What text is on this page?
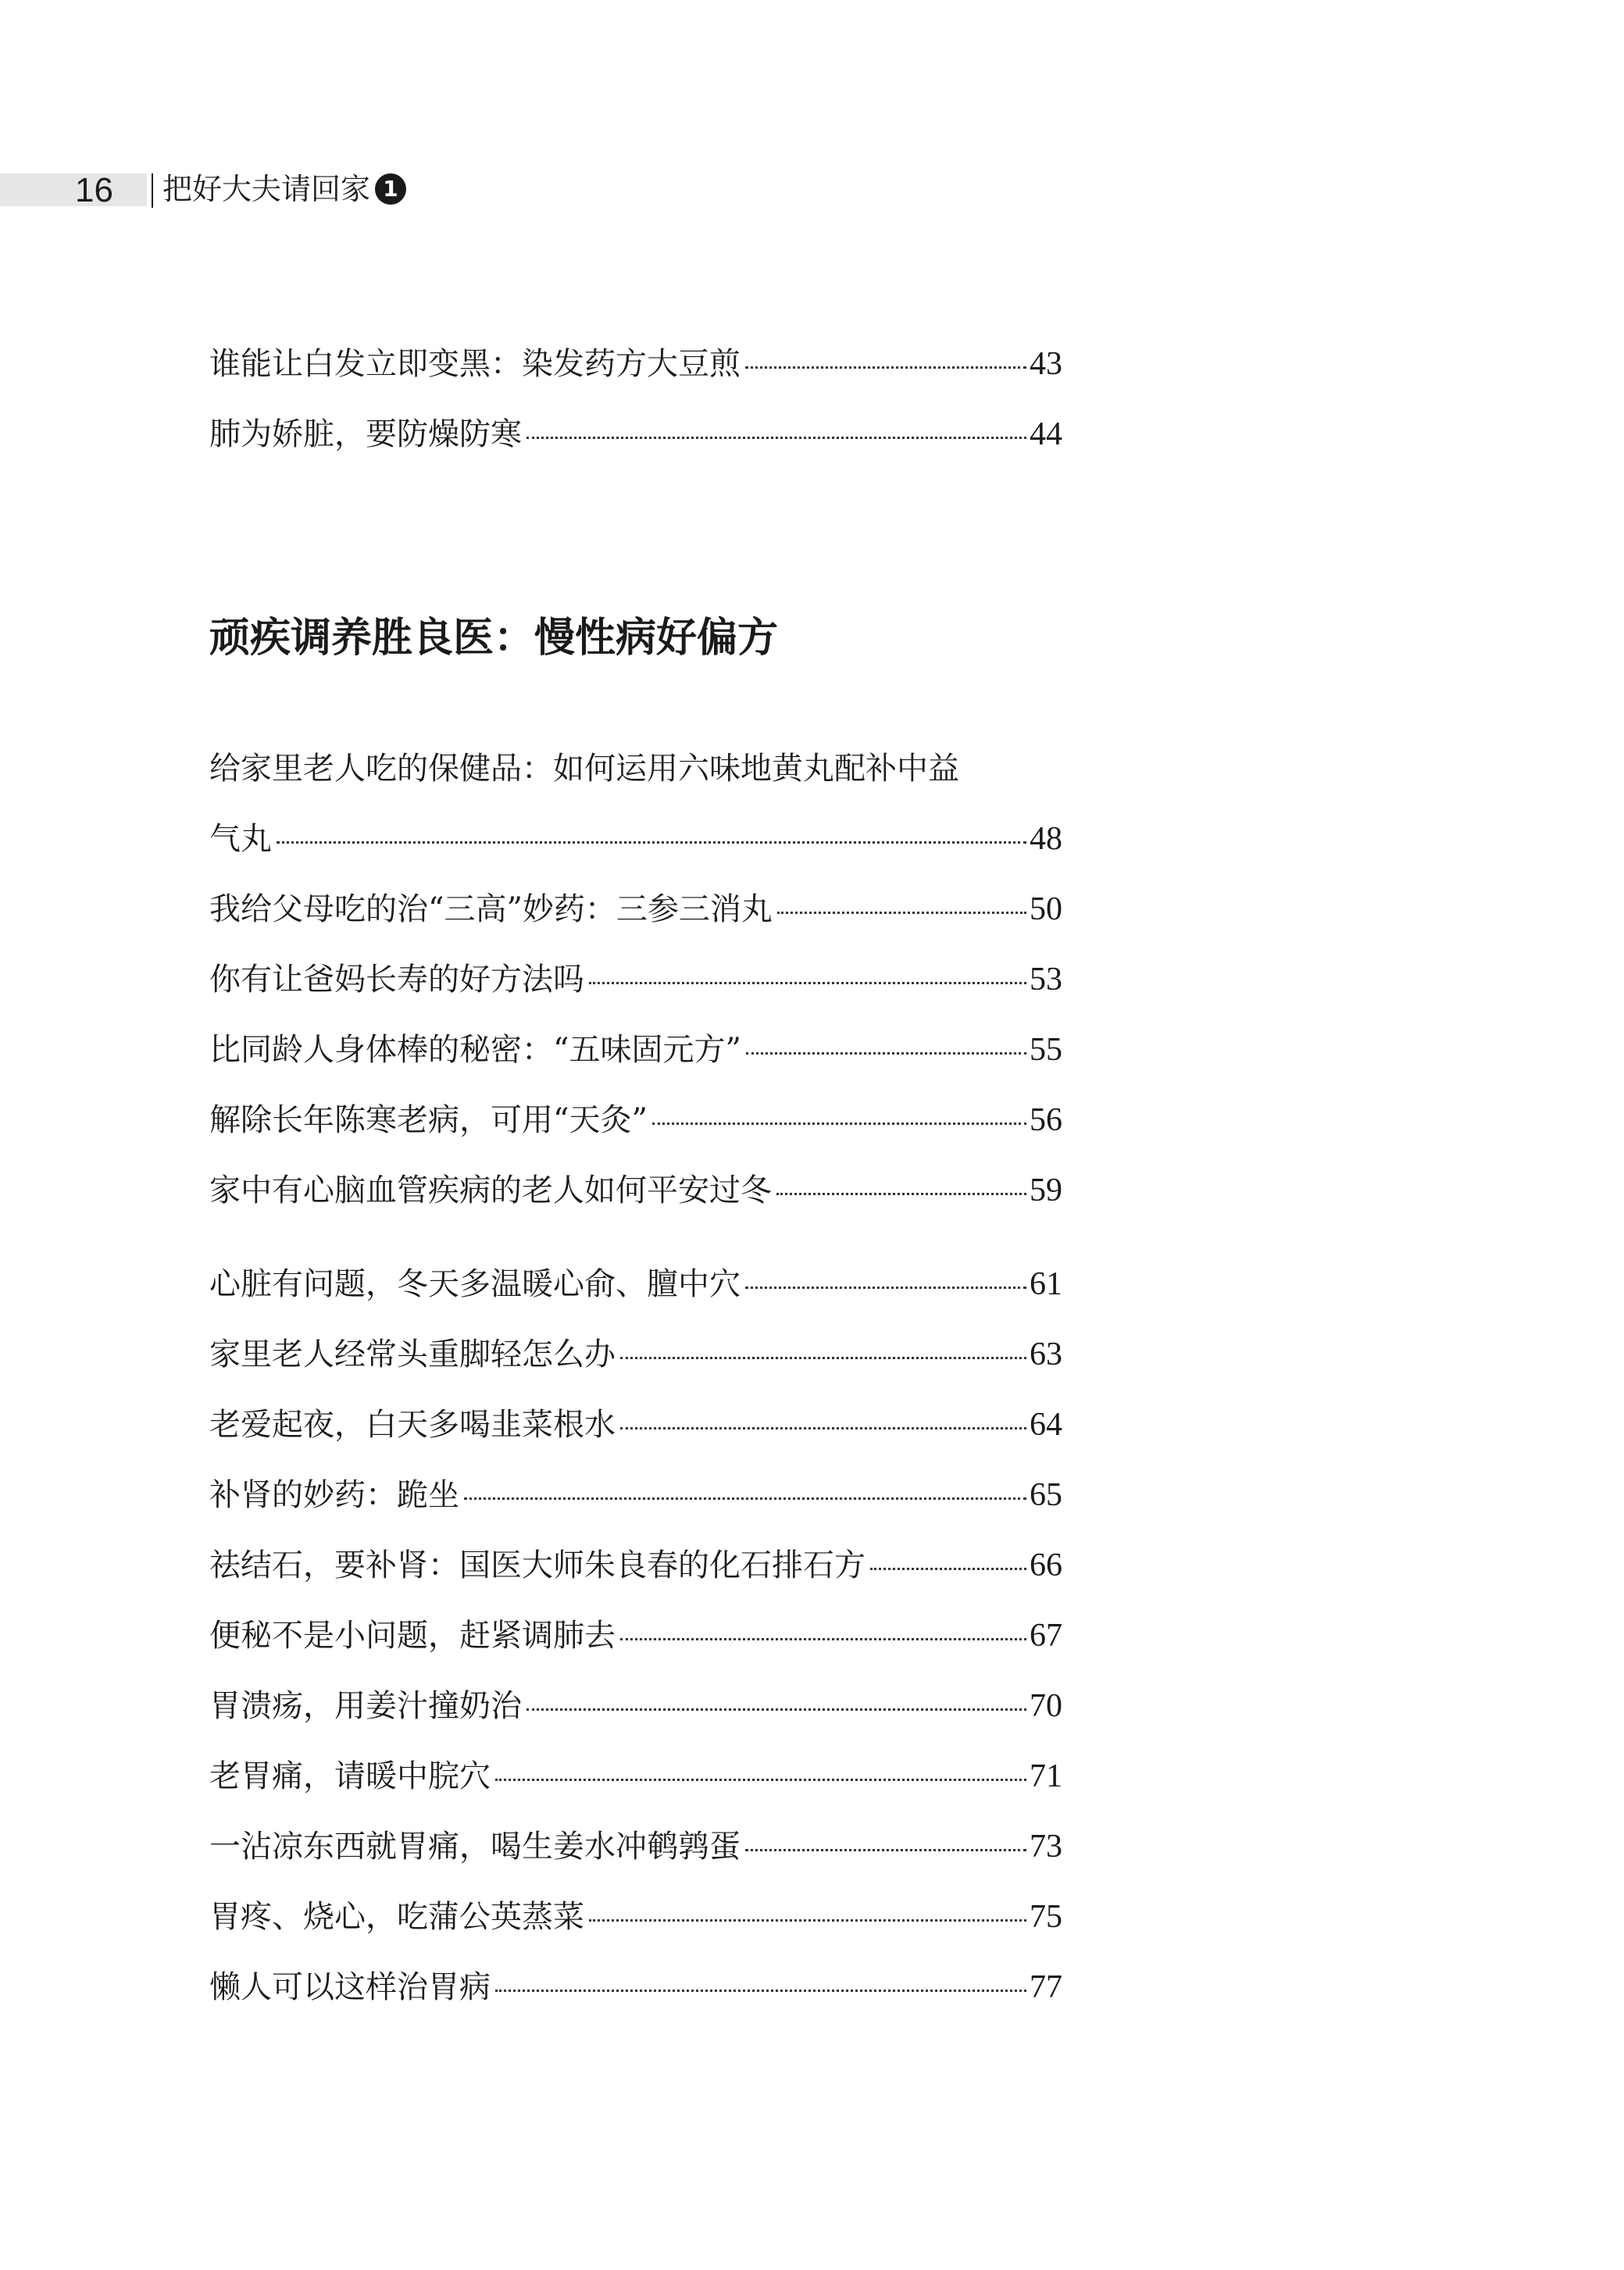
16 把好大夫请回家 1
谁能让白发立即变黑：染发药方大豆煎	43
肺为娇脏，要防燥防寒	44
顽疾调养胜良医：慢性病好偏方
给家里老人吃的保健品：如何运用六味地黄丸配补中益
气丸	48
我给父母吃的治“三高”妙药：三参三消丸	50
你有让爸妈长寿的好方法吗	53
比同龄人身体棒的秘密：“五味固元方”	55
解除长年陈寒老病，可用“天灸”	56
家中有心脑血管疾病的老人如何平安过冬	59
心脏有问题，冬天多温暖心俞、膻中穴	61
家里老人经常头重脚轻怎么办	63
老爱起夜，白天多喝韭菜根水	64
补肾的妙药：跪坐	65
祛结石，要补肾：国医大师朱良春的化石排石方	66
便秘不是小问题，赶紧调肺去	67
胃溃疡，用姜汁撞奶治	70
老胃痛，请暖中脘穴	71
一沾凉东西就胃痛，喝生姜水冲鹌鹑蛋	73
胃疼、烧心，吃蒲公英蒸菜	75
懒人可以这样治胃病	77
